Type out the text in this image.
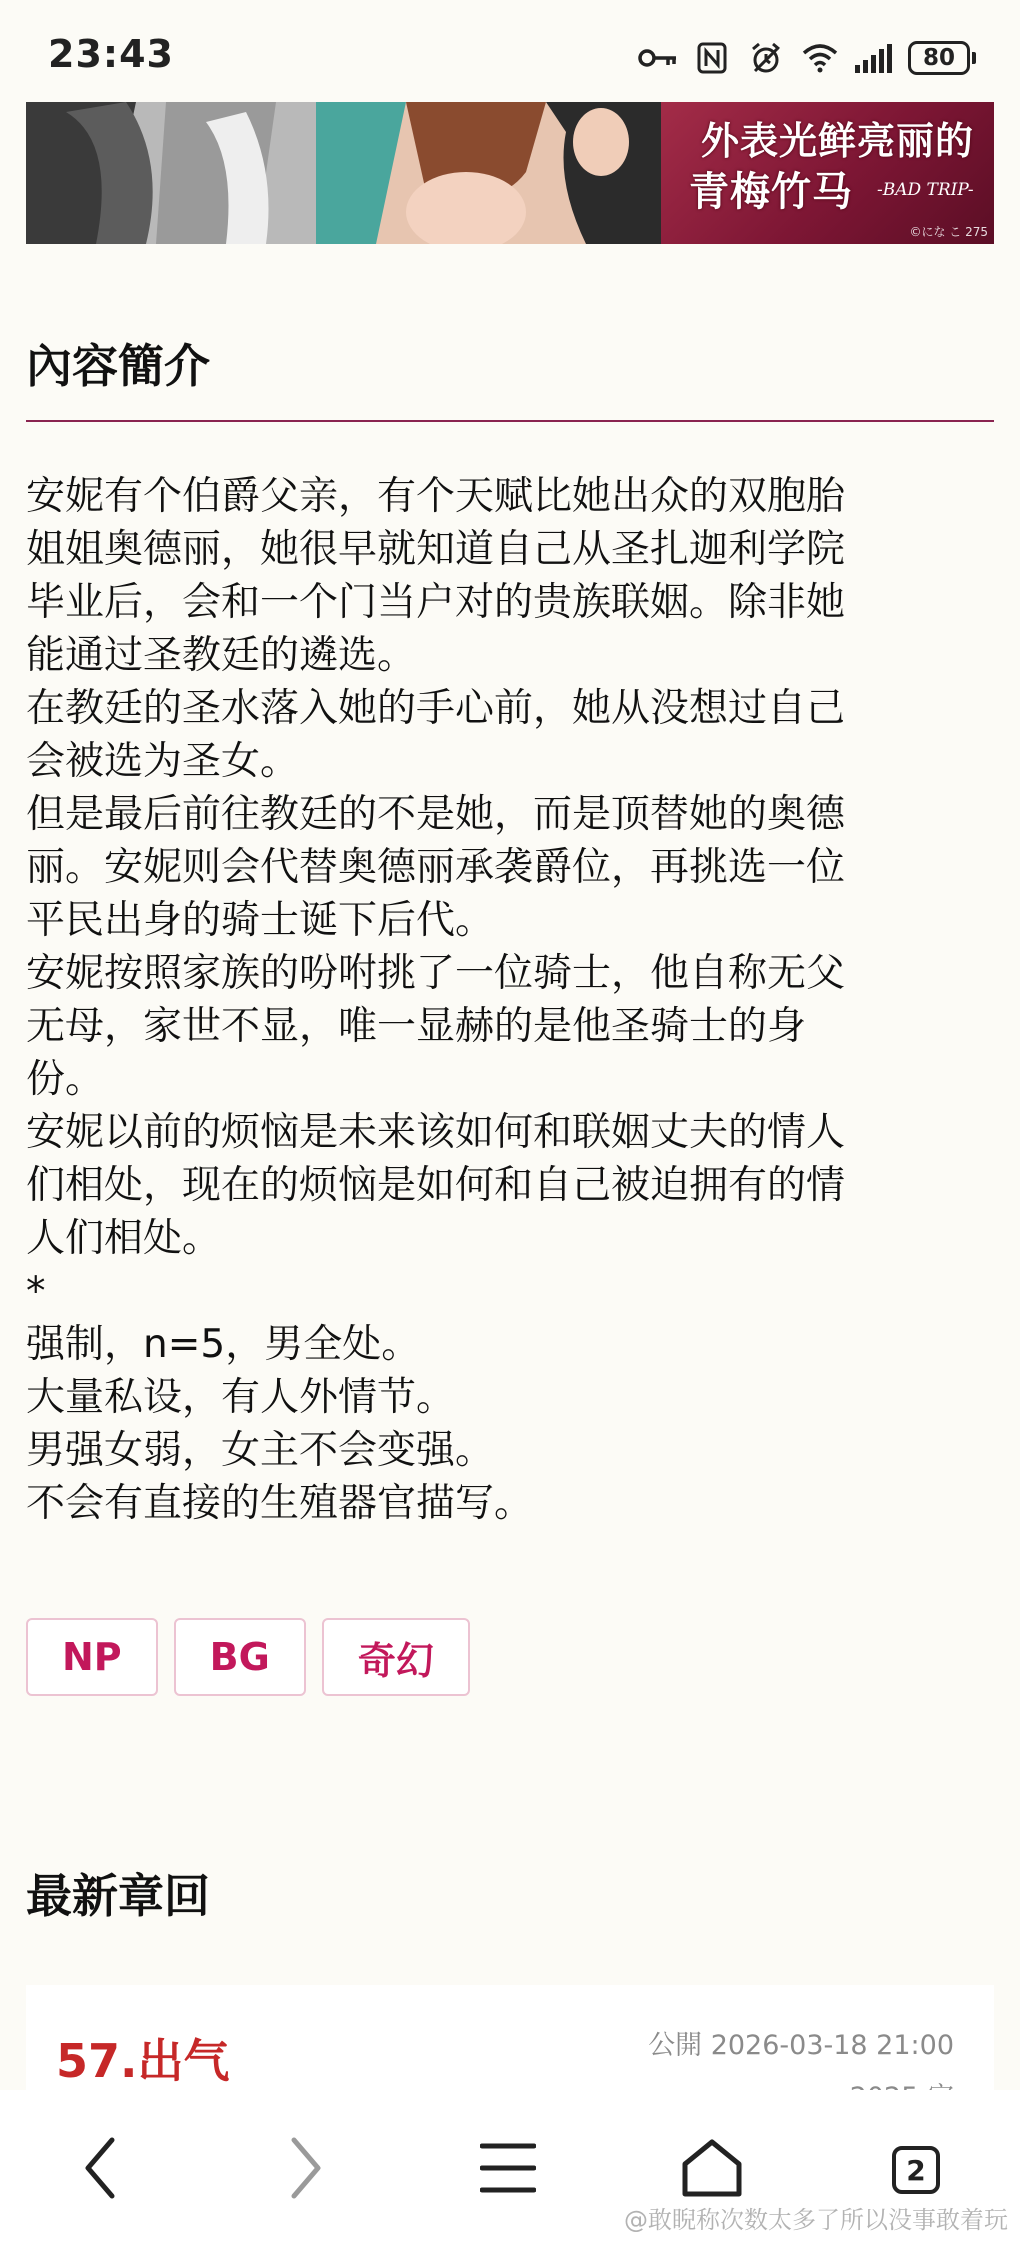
23:43	80
外表光鲜亮丽的
青梅竹马 -BAD TRIP-
©にな こ 275
內容簡介
安妮有个伯爵父亲，有个天赋比她出众的双胞胎
姐姐奥德丽，她很早就知道自己从圣扎迦利学院
毕业后，会和一个门当户对的贵族联姻。除非她
能通过圣教廷的遴选。
在教廷的圣水落入她的手心前，她从没想过自己
会被选为圣女。
但是最后前往教廷的不是她，而是顶替她的奥德
丽。安妮则会代替奥德丽承袭爵位，再挑选一位
平民出身的骑士诞下后代。
安妮按照家族的吩咐挑了一位骑士，他自称无父
无母，家世不显，唯一显赫的是他圣骑士的身
份。
安妮以前的烦恼是未来该如何和联姻丈夫的情人
们相处，现在的烦恼是如何和自己被迫拥有的情
人们相处。
*
强制，n=5，男全处。
大量私设，有人外情节。
男强女弱，女主不会变强。
不会有直接的生殖器官描写。
NP	BG	奇幻
最新章回
57.出气	公開 2026-03-18 21:00
2
@敢睨称次数太多了所以没事敢着玩
